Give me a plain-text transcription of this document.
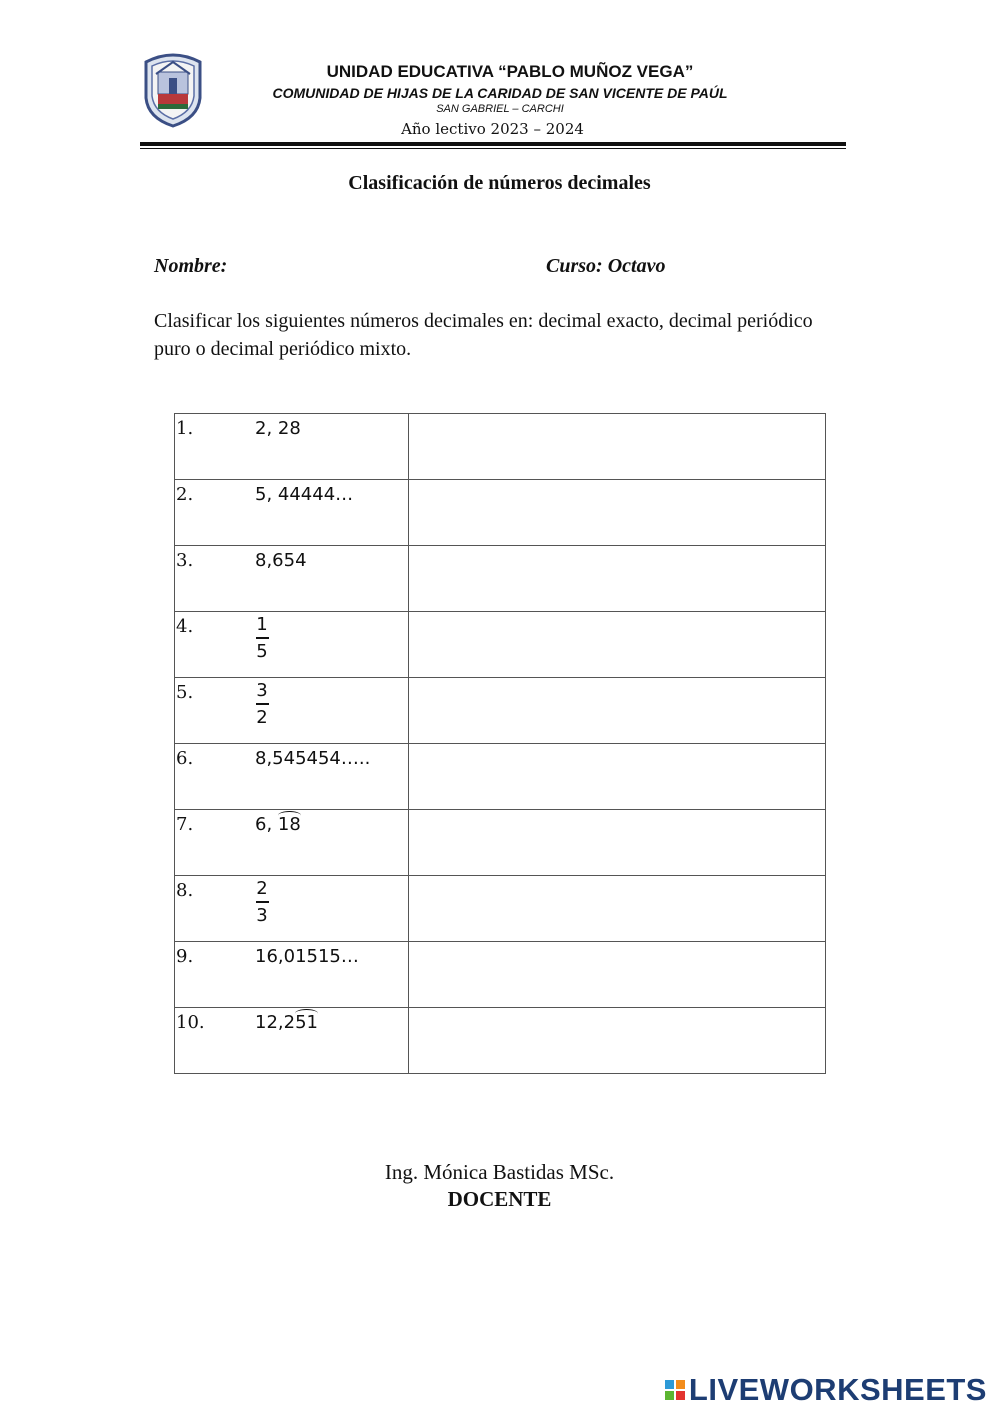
UNIDAD EDUCATIVA “PABLO MUÑOZ VEGA”
COMUNIDAD DE HIJAS DE LA CARIDAD DE SAN VICENTE DE PAÚL
SAN GABRIEL – CARCHI
Año lectivo 2023 – 2024
Clasificación de números decimales
Nombre:	Curso: Octavo
Clasificar los siguientes números decimales en: decimal exacto, decimal periódico puro o decimal periódico mixto.
1. 2, 28	

2. 5, 44444…	

3. 8,654	

4. 1
5	

5. 3
2	

6. 8,545454…..	

7. 6, 18	

8. 2
3	

9. 16,01515…	

10. 12,251	

Ing. Mónica Bastidas MSc.
DOCENTE
LIVEWORKSHEETS
